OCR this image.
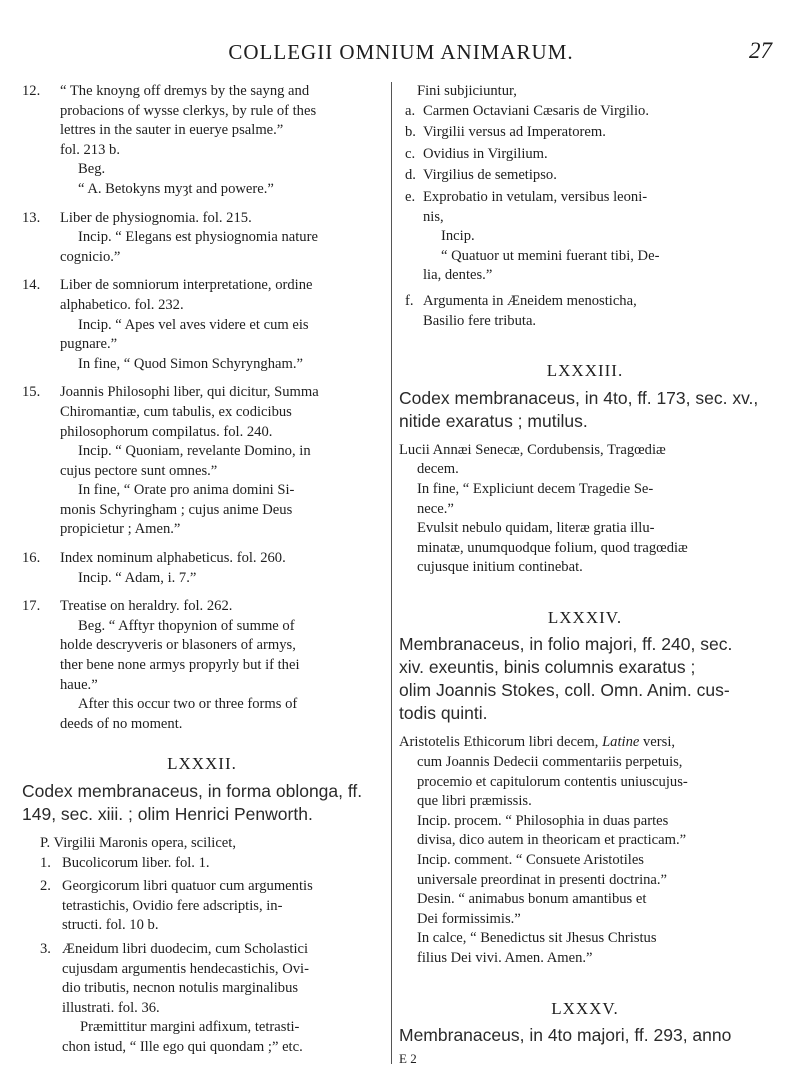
COLLEGII OMNIUM ANIMARUM.	27
12.	“ The knoyng off dremys by the sayng and
probacions of wysse clerkys, by rule of thes
lettres in the sauter in euerye psalme.”
fol. 213 b.
Beg.
“ A. Betokyns myȝt and powere.”
13.	Liber de physiognomia. fol. 215.
Incip. “ Elegans est physiognomia nature
cognicio.”
14.	Liber de somniorum interpretatione, ordine
alphabetico. fol. 232.
Incip. “ Apes vel aves videre et cum eis
pugnare.”
In fine, “ Quod Simon Schyryngham.”
15.	Joannis Philosophi liber, qui dicitur, Summa
Chiromantiæ, cum tabulis, ex codicibus
philosophorum compilatus. fol. 240.
Incip. “ Quoniam, revelante Domino, in
cujus pectore sunt omnes.”
In fine, “ Orate pro anima domini Si-
monis Schyringham ; cujus anime Deus
propicietur ; Amen.”
16.	Index nominum alphabeticus. fol. 260.
Incip. “ Adam, i. 7.”
17.	Treatise on heraldry. fol. 262.
Beg. “ Afftyr thopynion of summe of
holde descryveris or blasoners of armys,
ther bene none armys propyrly but if thei
haue.”
After this occur two or three forms of
deeds of no moment.
LXXXII.
Codex membranaceus, in forma oblonga, ff.
149, sec. xiii. ; olim Henrici Penworth.
P. Virgilii Maronis opera, scilicet,
1. Bucolicorum liber. fol. 1.
2. Georgicorum libri quatuor cum argumentis
tetrastichis, Ovidio fere adscriptis, in-
structi. fol. 10 b.
3. Æneidum libri duodecim, cum Scholastici
cujusdam argumentis hendecastichis, Ovi-
dio tributis, necnon notulis marginalibus
illustrati. fol. 36.
Præmittitur margini adfixum, tetrasti-
chon istud, “ Ille ego qui quondam ;” etc.
Fini subjiciuntur,
a. Carmen Octaviani Cæsaris de Virgilio.
b. Virgilii versus ad Imperatorem.
c. Ovidius in Virgilium.
d. Virgilius de semetipso.
e. Exprobatio in vetulam, versibus leoni-
nis,
Incip.
“ Quatuor ut memini fuerant tibi, De-
lia, dentes.”
f. Argumenta in Æneidem menosticha,
Basilio fere tributa.
LXXXIII.
Codex membranaceus, in 4to, ff. 173, sec. xv.,
nitide exaratus ; mutilus.
Lucii Annæi Senecæ, Cordubensis, Tragœdiæ
decem.
In fine, “ Expliciunt decem Tragedie Se-
nece.”
Evulsit nebulo quidam, literæ gratia illu-
minatæ, unumquodque folium, quod tragœdiæ
cujusque initium continebat.
LXXXIV.
Membranaceus, in folio majori, ff. 240, sec.
xiv. exeuntis, binis columnis exaratus ;
olim Joannis Stokes, coll. Omn. Anim. cus-
todis quinti.
Aristotelis Ethicorum libri decem, Latine versi,
cum Joannis Dedecii commentariis perpetuis,
procemio et capitulorum contentis uniuscujus-
que libri præmissis.
Incip. procem. “ Philosophia in duas partes
divisa, dico autem in theoricam et practicam.”
Incip. comment. “ Consuete Aristotiles
universale preordinat in presenti doctrina.”
Desin. “ animabus bonum amantibus et
Dei formissimis.”
In calce, “ Benedictus sit Jhesus Christus
filius Dei vivi. Amen. Amen.”
LXXXV.
Membranaceus, in 4to majori, ff. 293, anno
E 2
